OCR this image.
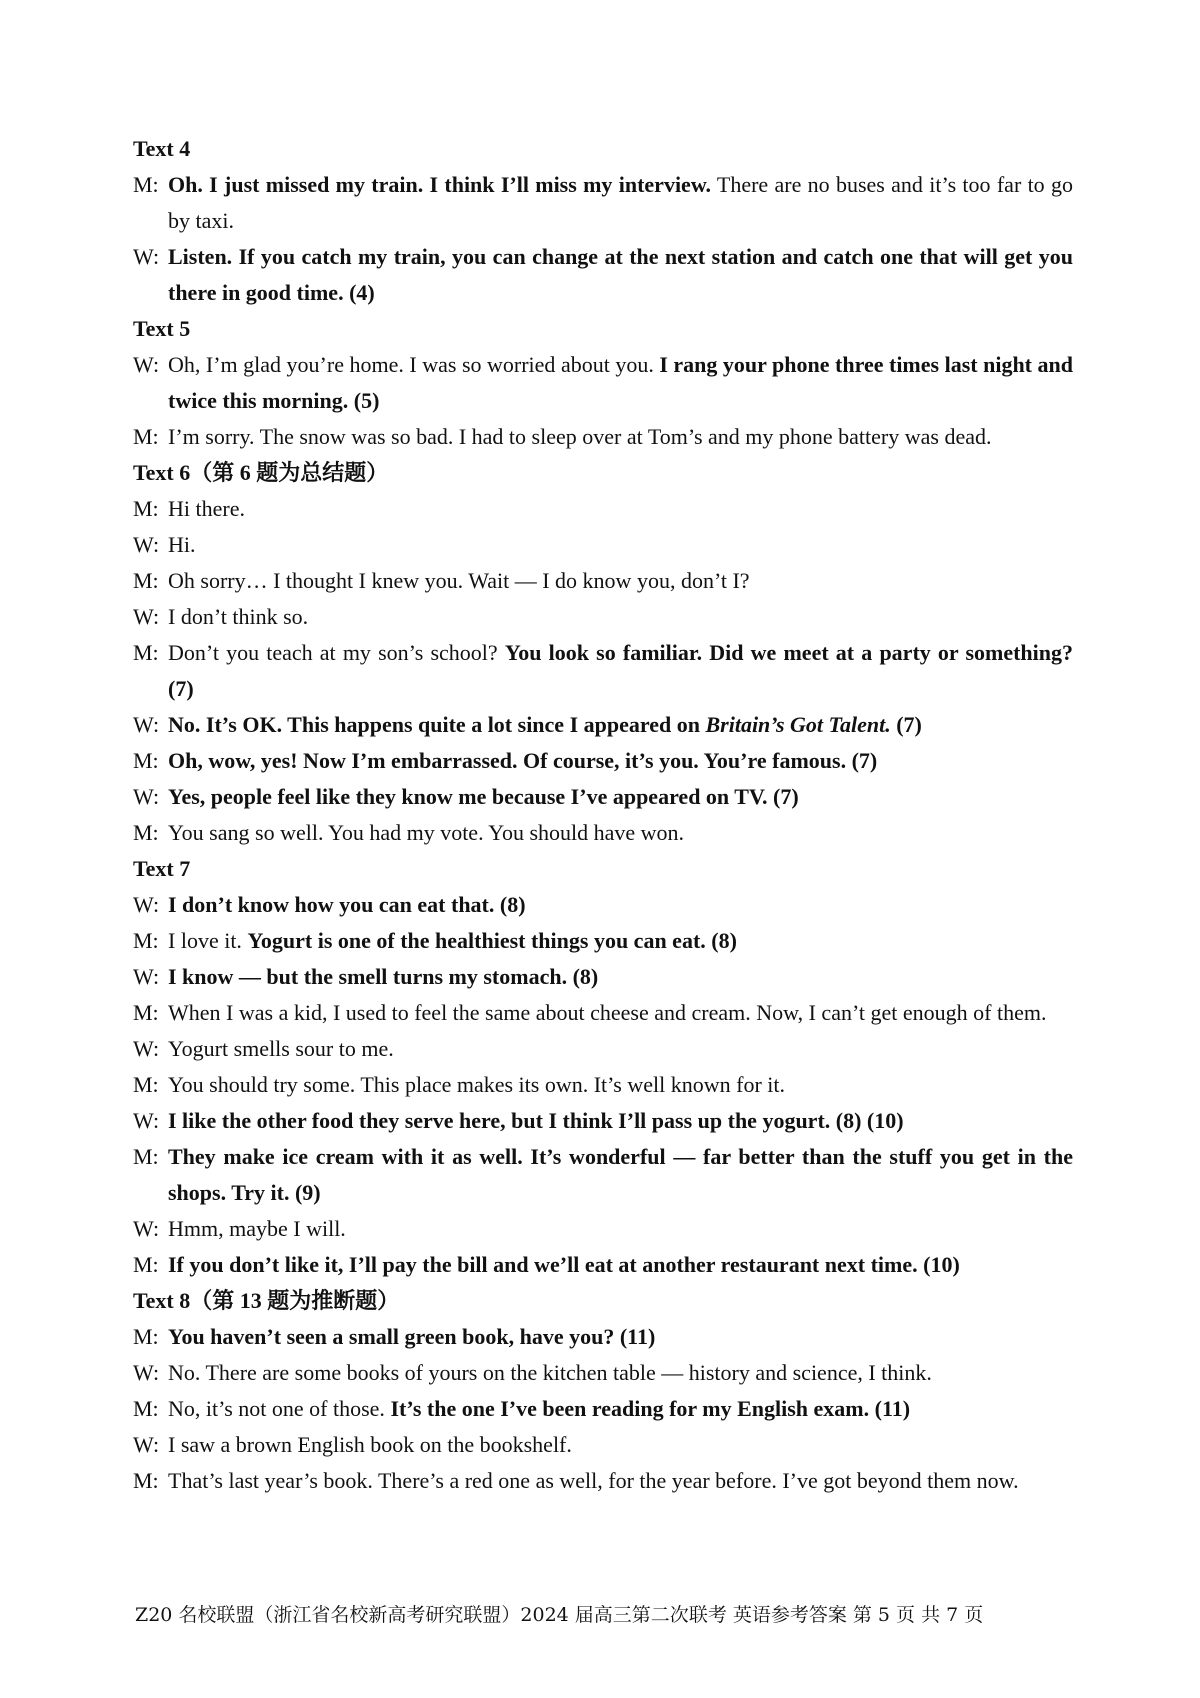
Text 4

M: Oh. I just missed my train. I think I’ll miss my interview. There are no buses and it’s too far to go by taxi.

W: Listen. If you catch my train, you can change at the next station and catch one that will get you there in good time. (4)

Text 5

W: Oh, I’m glad you’re home. I was so worried about you. I rang your phone three times last night and twice this morning. (5)

M: I’m sorry. The snow was so bad. I had to sleep over at Tom’s and my phone battery was dead.

Text 6（第 6 题为总结题）

M: Hi there.

W: Hi.

M: Oh sorry… I thought I knew you. Wait — I do know you, don’t I?

W: I don’t think so.

M: Don’t you teach at my son’s school? You look so familiar. Did we meet at a party or something? (7)

W: No. It’s OK. This happens quite a lot since I appeared on Britain’s Got Talent. (7)

M: Oh, wow, yes! Now I’m embarrassed. Of course, it’s you. You’re famous. (7)

W: Yes, people feel like they know me because I’ve appeared on TV. (7)

M: You sang so well. You had my vote. You should have won.

Text 7

W: I don’t know how you can eat that. (8)

M: I love it. Yogurt is one of the healthiest things you can eat. (8)

W: I know — but the smell turns my stomach. (8)

M: When I was a kid, I used to feel the same about cheese and cream. Now, I can’t get enough of them.

W: Yogurt smells sour to me.

M: You should try some. This place makes its own. It’s well known for it.

W: I like the other food they serve here, but I think I’ll pass up the yogurt. (8) (10)

M: They make ice cream with it as well. It’s wonderful — far better than the stuff you get in the shops. Try it. (9)

W: Hmm, maybe I will.

M: If you don’t like it, I’ll pay the bill and we’ll eat at another restaurant next time. (10)

Text 8（第 13 题为推断题）

M: You haven’t seen a small green book, have you? (11)

W: No. There are some books of yours on the kitchen table — history and science, I think.

M: No, it’s not one of those. It’s the one I’ve been reading for my English exam. (11)

W: I saw a brown English book on the bookshelf.

M: That’s last year’s book. There’s a red one as well, for the year before. I’ve got beyond them now.

Z20 名校联盟（浙江省名校新高考研究联盟）2024 届高三第二次联考 英语参考答案 第 5 页 共 7 页
